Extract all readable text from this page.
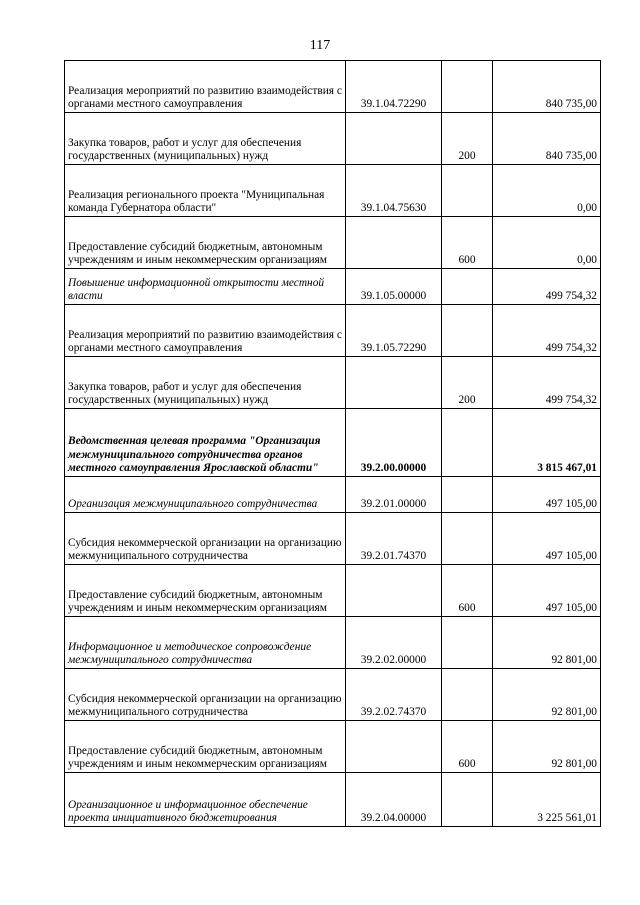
117
Реализация мероприятий по развитию взаимодействия с органами местного самоуправления	39.1.04.72290		840 735,00
Закупка товаров, работ и услуг для обеспечения государственных (муниципальных) нужд		200	840 735,00
Реализация регионального проекта "Муниципальная команда Губернатора области"	39.1.04.75630		0,00
Предоставление субсидий бюджетным, автономным учреждениям и иным некоммерческим организациям		600	0,00
Повышение информационной открытости местной власти	39.1.05.00000		499 754,32
Реализация мероприятий по развитию взаимодействия с органами местного самоуправления	39.1.05.72290		499 754,32
Закупка товаров, работ и услуг для обеспечения государственных (муниципальных) нужд		200	499 754,32
Ведомственная целевая программа "Организация межмуниципального сотрудничества органов местного самоуправления Ярославской области"	39.2.00.00000		3 815 467,01
Организация межмуниципального сотрудничества	39.2.01.00000		497 105,00
Субсидия некоммерческой организации на организацию межмуниципального сотрудничества	39.2.01.74370		497 105,00
Предоставление субсидий бюджетным, автономным учреждениям и иным некоммерческим организациям		600	497 105,00
Информационное и методическое сопровождение межмуниципального сотрудничества	39.2.02.00000		92 801,00
Субсидия некоммерческой организации на организацию межмуниципального сотрудничества	39.2.02.74370		92 801,00
Предоставление субсидий бюджетным, автономным учреждениям и иным некоммерческим организациям		600	92 801,00
Организационное и информационное обеспечение проекта инициативного бюджетирования	39.2.04.00000		3 225 561,01
